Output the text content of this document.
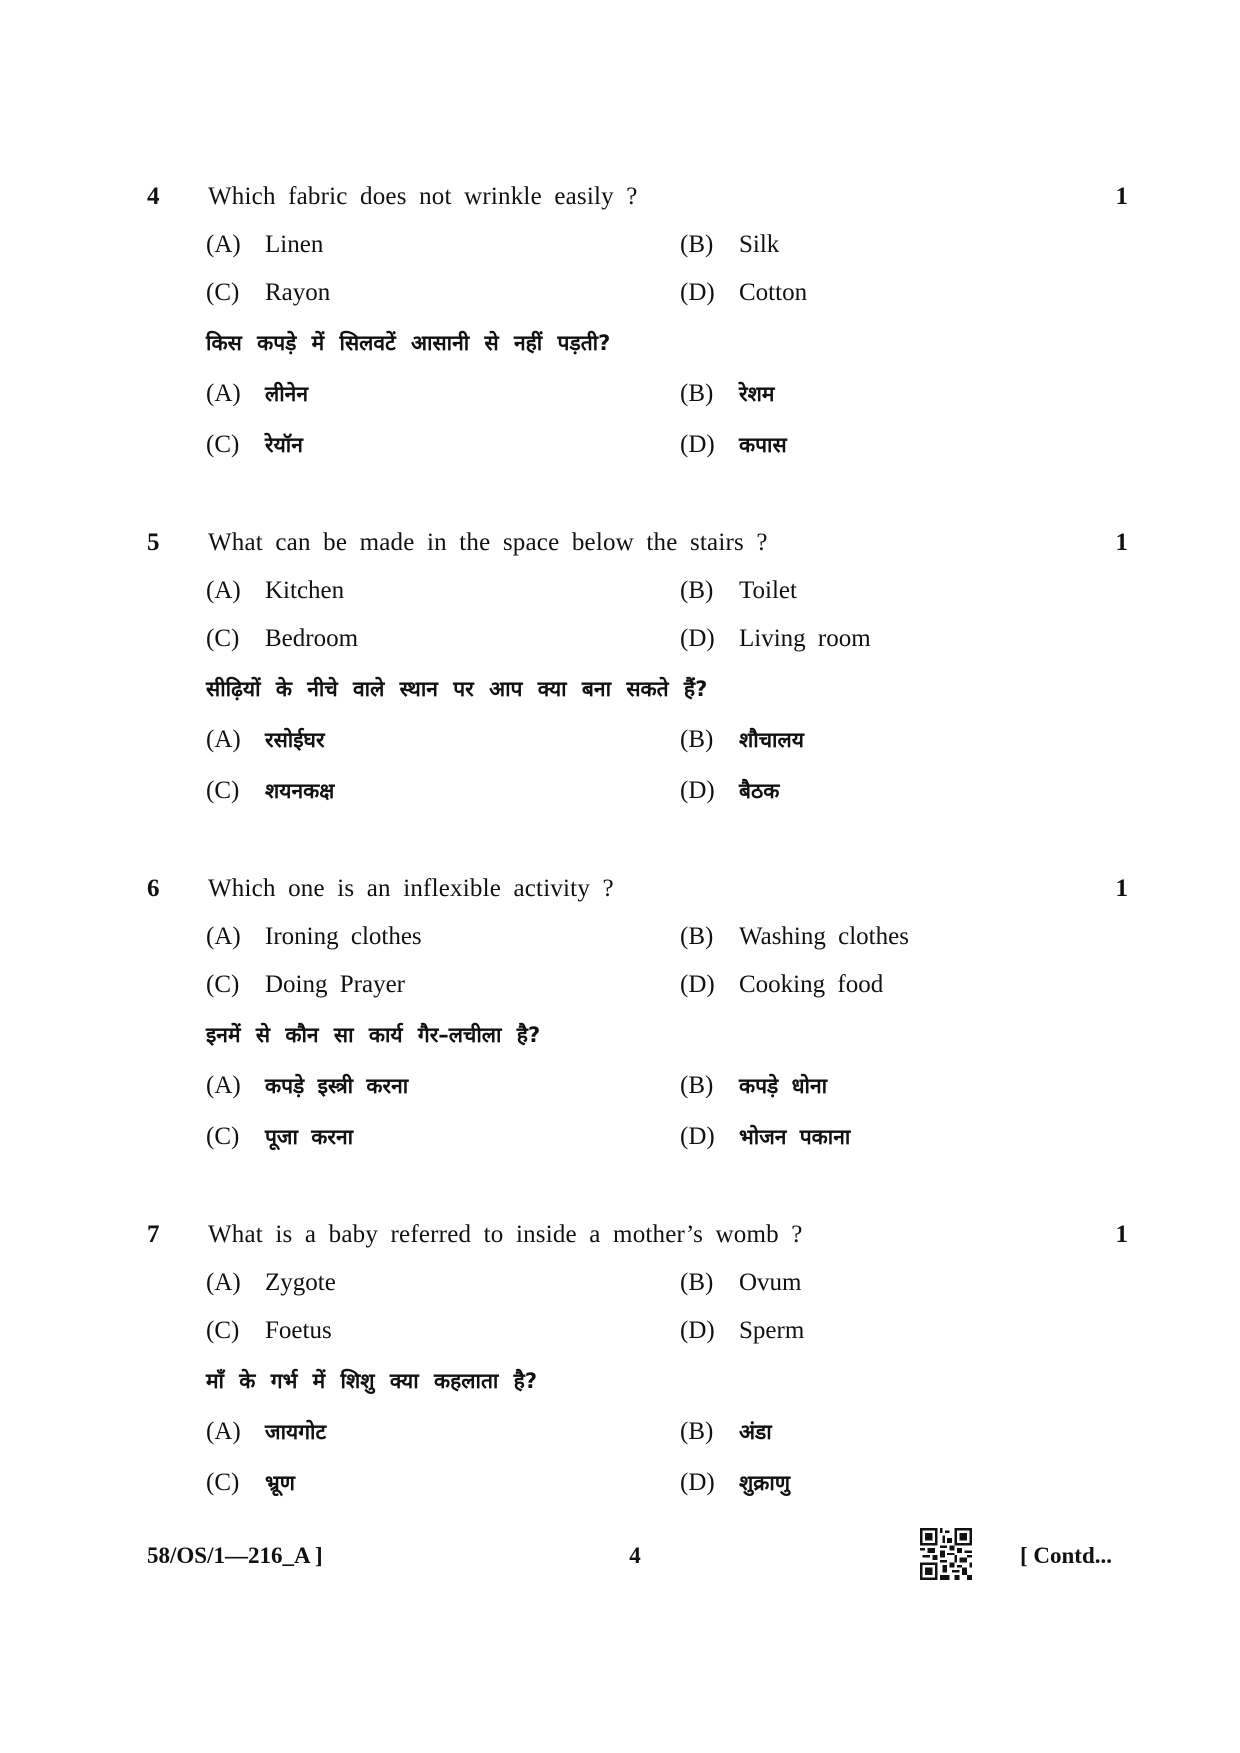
4 Which fabric does not wrinkle easily ?	1
(A) Linen	(B) Silk
(C) Rayon	(D) Cotton
किस कपड़े में सिलवटें आसानी से नहीं पड़ती?
(A) लीनेन	(B) रेशम
(C) रेयॉन	(D) कपास
5 What can be made in the space below the stairs ?	1
(A) Kitchen	(B) Toilet
(C) Bedroom	(D) Living room
सीढ़ियों के नीचे वाले स्थान पर आप क्या बना सकते हैं?
(A) रसोईघर	(B) शौचालय
(C) शयनकक्ष	(D) बैठक
6 Which one is an inflexible activity ?	1
(A) Ironing clothes	(B) Washing clothes
(C) Doing Prayer	(D) Cooking food
इनमें से कौन सा कार्य गैर–लचीला है?
(A) कपड़े इस्त्री करना	(B) कपड़े धोना
(C) पूजा करना	(D) भोजन पकाना
7 What is a baby referred to inside a mother’s womb ?	1
(A) Zygote	(B) Ovum
(C) Foetus	(D) Sperm
माँ के गर्भ में शिशु क्या कहलाता है?
(A) जायगोट	(B) अंडा
(C) भ्रूण	(D) शुक्राणु
58/OS/1—216_A ]	4	[ Contd...
